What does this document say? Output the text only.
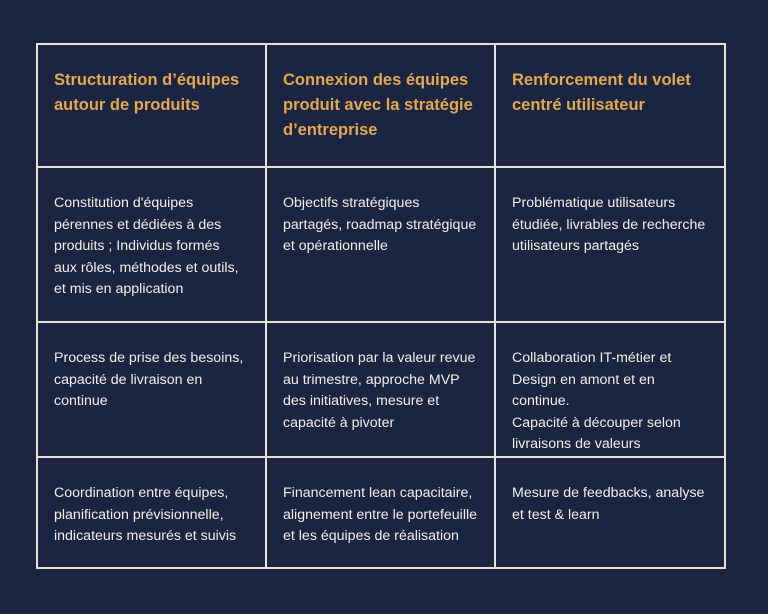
Structuration d’équipes
autour de produits
Connexion des équipes
produit avec la stratégie
d’entreprise
Renforcement du volet
centré utilisateur
Constitution d'équipes
pérennes et dédiées à des
produits ; Individus formés
aux rôles, méthodes et outils,
et mis en application
Objectifs stratégiques
partagés, roadmap stratégique
et opérationnelle
Problématique utilisateurs
étudiée, livrables de recherche
utilisateurs partagés
Process de prise des besoins,
capacité de livraison en
continue
Priorisation par la valeur revue
au trimestre, approche MVP
des initiatives, mesure et
capacité à pivoter
Collaboration IT-métier et
Design en amont et en continue.
Capacité à découper selon
livraisons de valeurs
Coordination entre équipes,
planification prévisionnelle,
indicateurs mesurés et suivis
Financement lean capacitaire,
alignement entre le portefeuille
et les équipes de réalisation
Mesure de feedbacks, analyse
et test & learn
